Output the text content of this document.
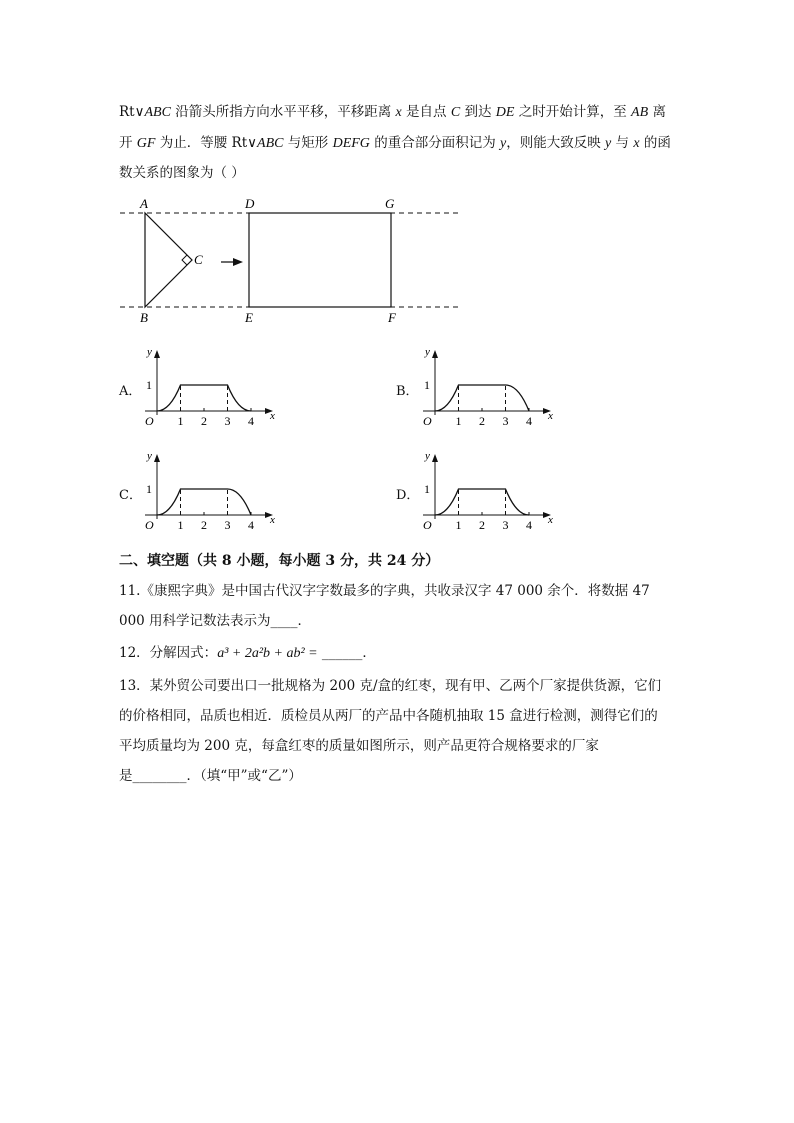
Rt∨ABC 沿箭头所指方向水平平移，平移距离 x 是自点 C 到达 DE 之时开始计算，至 AB 离
开 GF 为止．等腰 Rt∨ABC 与矩形 DEFG 的重合部分面积记为 y，则能大致反映 y 与 x 的函
数关系的图象为（ ）
A
B
C
D
E	F
G
A．	B．
C．	D．
y
x
O
1
1 2 3 4
y
x
O
1
1 2 3 4
y
x
O
1
1 2 3 4
y
x
O
1
1 2 3 4
二、填空题（共 8 小题，每小题 3 分，共 24 分）
11.《康熙字典》是中国古代汉字字数最多的字典，共收录汉字 47 000 余个．将数据 47
000 用科学记数法表示为____．
12．分解因式：a³ + 2a²b + ab² = ______．
13．某外贸公司要出口一批规格为 200 克/盒的红枣，现有甲、乙两个厂家提供货源，它们
的价格相同，品质也相近．质检员从两厂的产品中各随机抽取 15 盒进行检测，测得它们的
平均质量均为 200 克，每盒红枣的质量如图所示，则产品更符合规格要求的厂家
是________．（填“甲”或“乙”）
